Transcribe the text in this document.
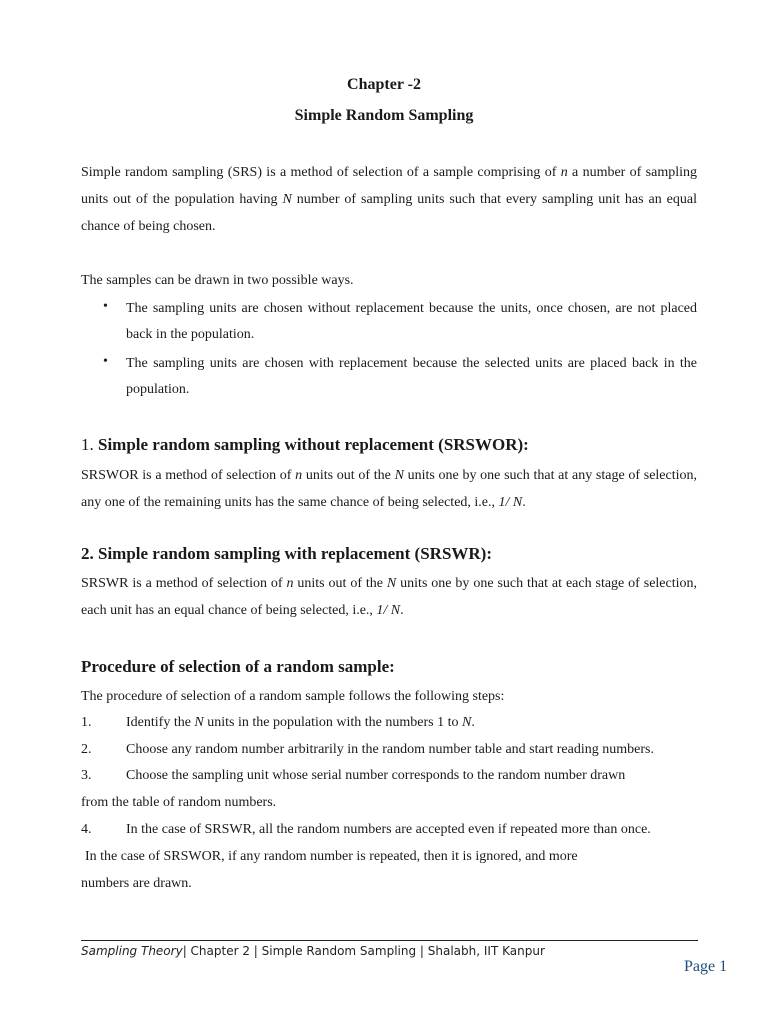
Chapter -2
Simple Random Sampling

Simple random sampling (SRS) is a method of selection of a sample comprising of n a number of sampling units out of the population having N number of sampling units such that every sampling unit has an equal chance of being chosen.

The samples can be drawn in two possible ways.

• The sampling units are chosen without replacement because the units, once chosen, are not placed back in the population.

• The sampling units are chosen with replacement because the selected units are placed back in the population.

1. Simple random sampling without replacement (SRSWOR):

SRSWOR is a method of selection of n units out of the N units one by one such that at any stage of selection, any one of the remaining units has the same chance of being selected, i.e., 1/ N.

2. Simple random sampling with replacement (SRSWR):

SRSWR is a method of selection of n units out of the N units one by one such that at each stage of selection, each unit has an equal chance of being selected, i.e., 1/ N.

Procedure of selection of a random sample:

The procedure of selection of a random sample follows the following steps:

1. Identify the N units in the population with the numbers 1 to N.

2. Choose any random number arbitrarily in the random number table and start reading numbers.

3. Choose the sampling unit whose serial number corresponds to the random number drawn

from the table of random numbers.

4. In the case of SRSWR, all the random numbers are accepted even if repeated more than once.

In the case of SRSWOR, if any random number is repeated, then it is ignored, and more

numbers are drawn.

Sampling Theory| Chapter 2 | Simple Random Sampling | Shalabh, IIT Kanpur
Page 1
